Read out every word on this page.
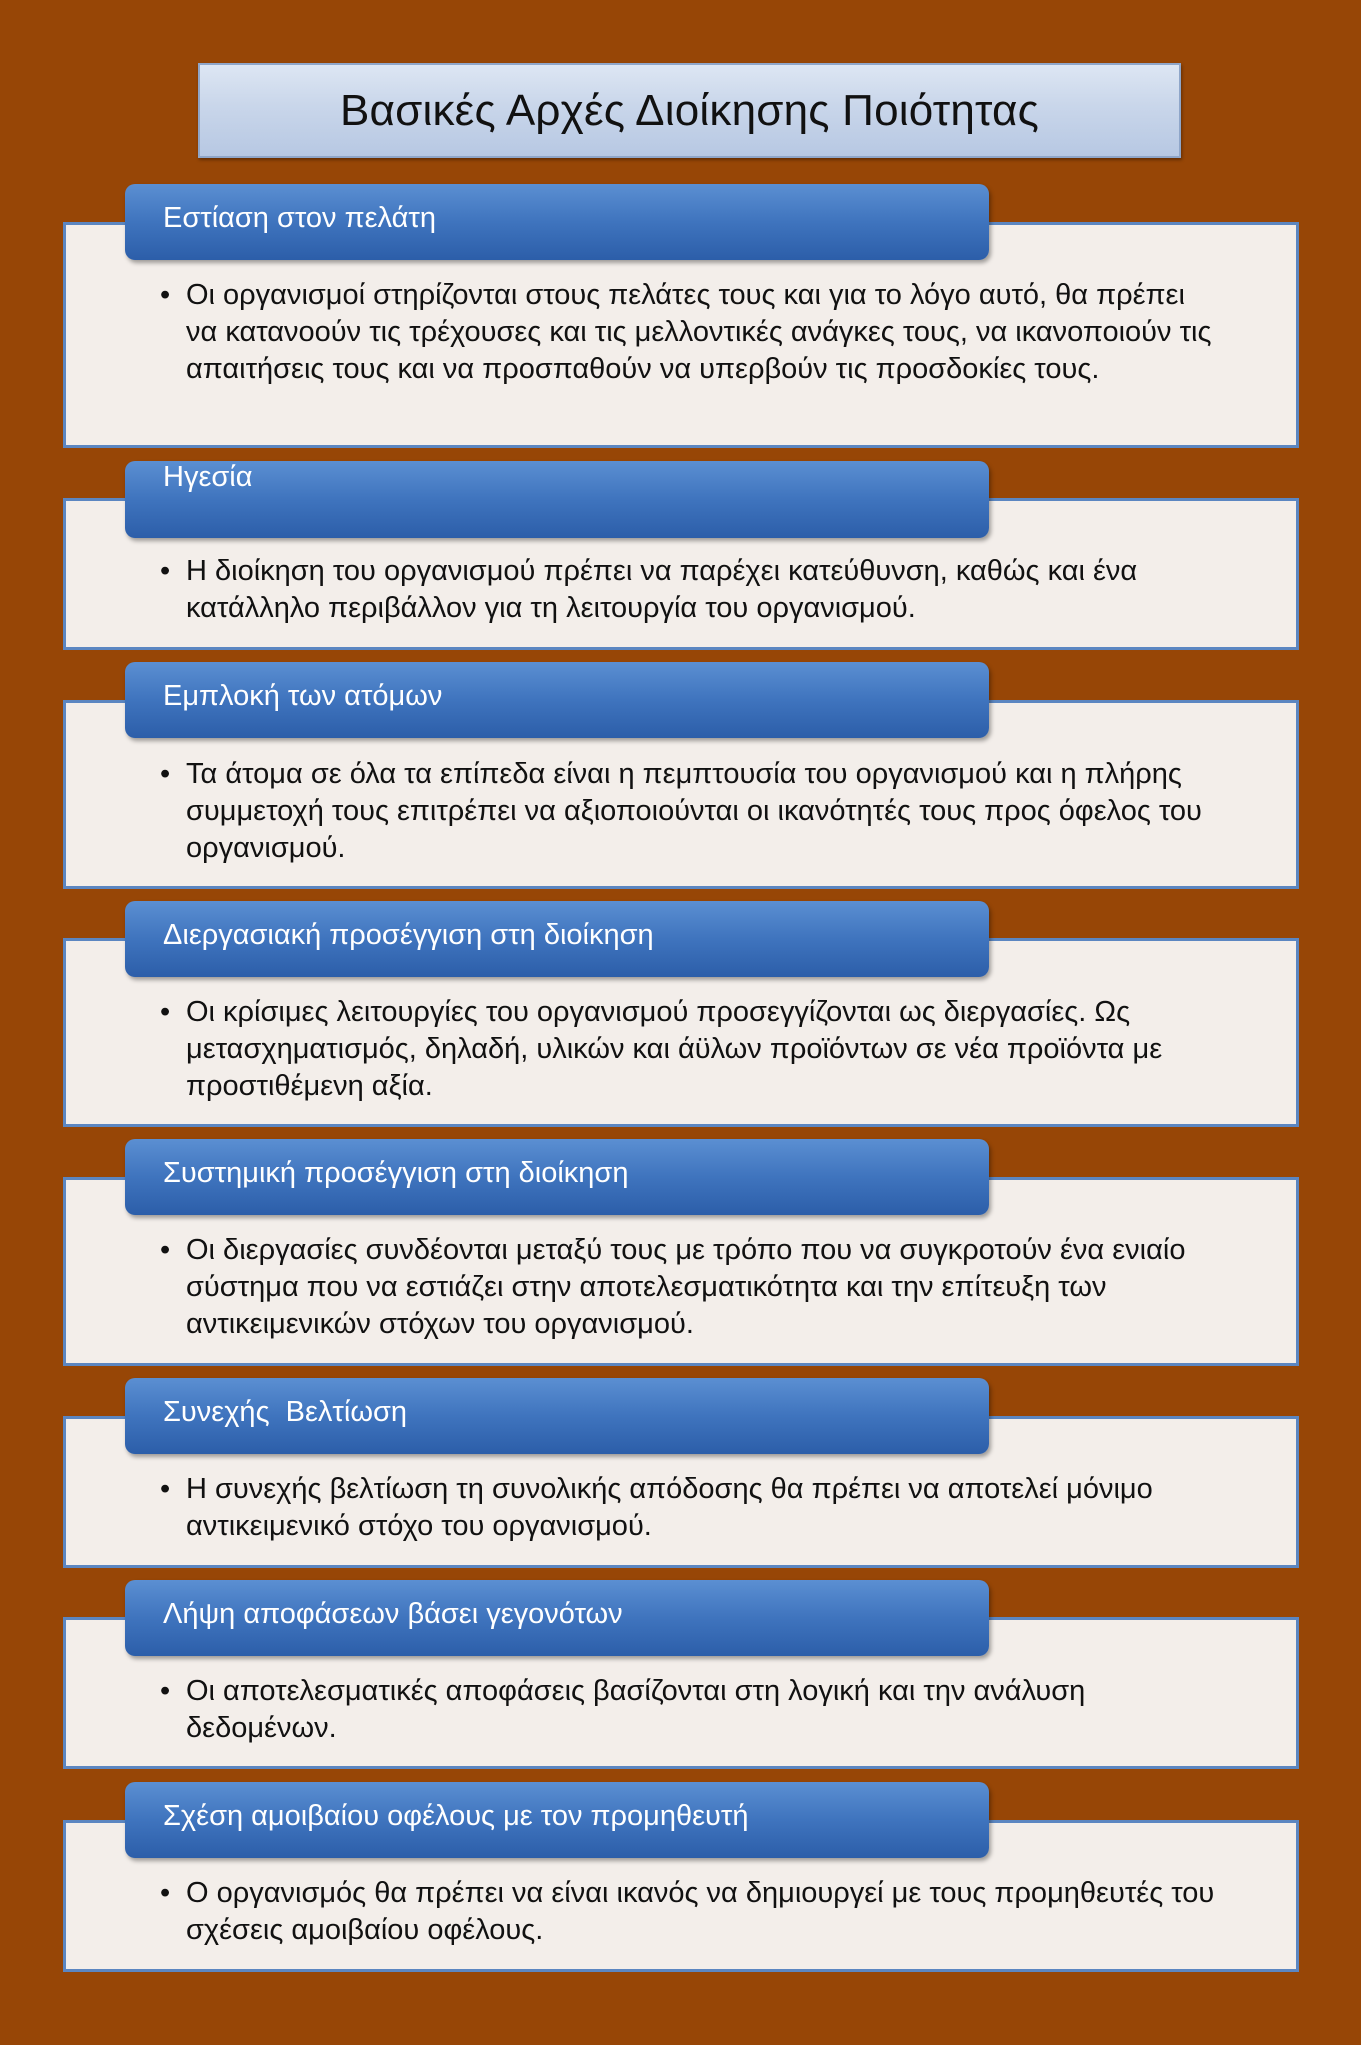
Βασικές Αρχές Διοίκησης Ποιότητας
Εστίαση στον πελάτη
• Οι οργανισμοί στηρίζονται στους πελάτες τους και για το λόγο αυτό, θα πρέπει να κατανοούν τις τρέχουσες και τις μελλοντικές ανάγκες τους, να ικανοποιούν τις απαιτήσεις τους και να προσπαθούν να υπερβούν τις προσδοκίες τους.
Ηγεσία
• Η διοίκηση του οργανισμού πρέπει να παρέχει κατεύθυνση, καθώς και ένα κατάλληλο περιβάλλον για τη λειτουργία του οργανισμού.
Εμπλοκή των ατόμων
• Τα άτομα σε όλα τα επίπεδα είναι η πεμπτουσία του οργανισμού και η πλήρης συμμετοχή τους επιτρέπει να αξιοποιούνται οι ικανότητές τους προς όφελος του οργανισμού.
Διεργασιακή προσέγγιση στη διοίκηση
• Οι κρίσιμες λειτουργίες του οργανισμού προσεγγίζονται ως διεργασίες. Ως μετασχηματισμός, δηλαδή, υλικών και άϋλων προϊόντων σε νέα προϊόντα με προστιθέμενη αξία.
Συστημική προσέγγιση στη διοίκηση
• Οι διεργασίες συνδέονται μεταξύ τους με τρόπο που να συγκροτούν ένα ενιαίο σύστημα που να εστιάζει στην αποτελεσματικότητα και την επίτευξη των αντικειμενικών στόχων του οργανισμού.
Συνεχής  Βελτίωση
• Η συνεχής βελτίωση τη συνολικής απόδοσης θα πρέπει να αποτελεί μόνιμο αντικειμενικό στόχο του οργανισμού.
Λήψη αποφάσεων βάσει γεγονότων
• Οι αποτελεσματικές αποφάσεις βασίζονται στη λογική και την ανάλυση δεδομένων.
Σχέση αμοιβαίου οφέλους με τον προμηθευτή
• Ο οργανισμός θα πρέπει να είναι ικανός να δημιουργεί με τους προμηθευτές του σχέσεις αμοιβαίου οφέλους.
